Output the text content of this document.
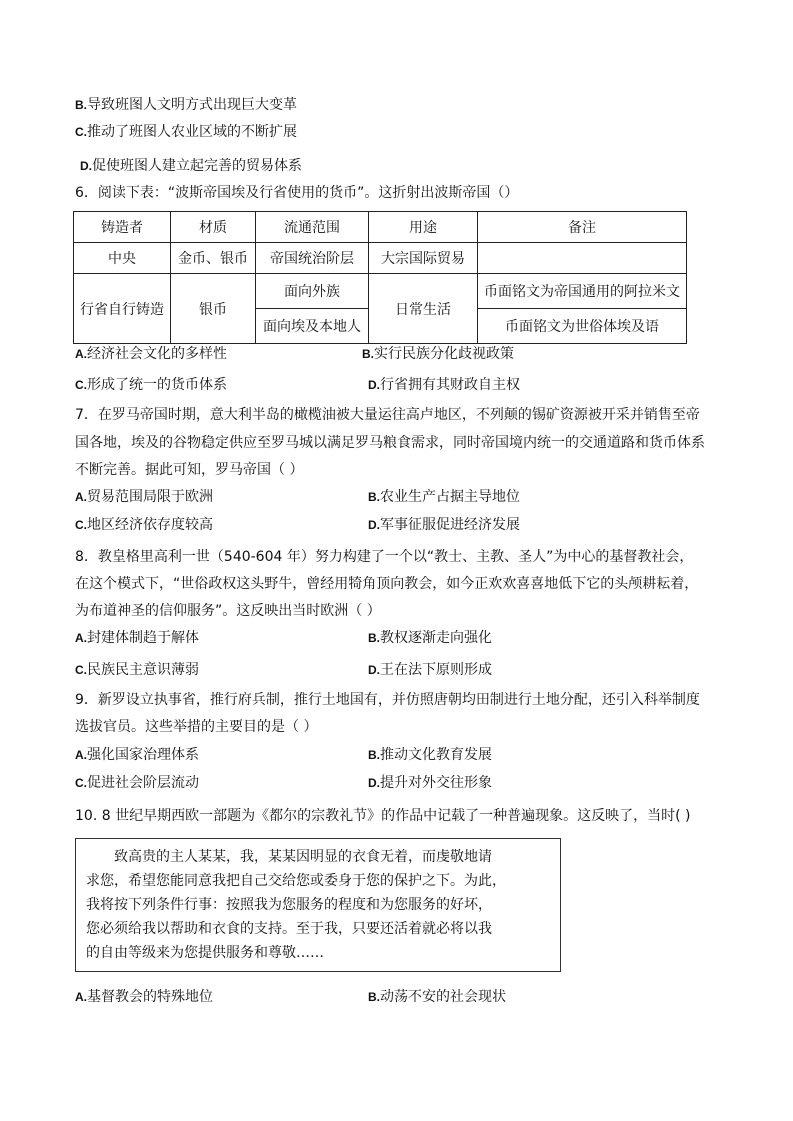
B.导致班图人文明方式出现巨大变革
C.推动了班图人农业区域的不断扩展
D.促使班图人建立起完善的贸易体系
6．阅读下表：“波斯帝国埃及行省使用的货币”。这折射出波斯帝国（）
铸造者	材质	流通范围	用途	备注
中央	金币、银币	帝国统治阶层	大宗国际贸易	
行省自行铸造	银币	面向外族	日常生活	币面铭文为帝国通用的阿拉米文
		面向埃及本地人		币面铭文为世俗体埃及语
A.经济社会文化的多样性	B.实行民族分化歧视政策
C.形成了统一的货币体系	D.行省拥有其财政自主权
7．在罗马帝国时期，意大利半岛的橄榄油被大量运往高卢地区，不列颠的锡矿资源被开采并销售至帝
国各地，埃及的谷物稳定供应至罗马城以满足罗马粮食需求，同时帝国境内统一的交通道路和货币体系
不断完善。据此可知，罗马帝国（ ）
A.贸易范围局限于欧洲	B.农业生产占据主导地位
C.地区经济依存度较高	D.军事征服促进经济发展
8．教皇格里高利一世（540-604 年）努力构建了一个以“教士、主教、圣人”为中心的基督教社会，
在这个模式下，“世俗政权这头野牛，曾经用犄角顶向教会，如今正欢欢喜喜地低下它的头颅耕耘着，
为布道神圣的信仰服务”。这反映出当时欧洲（ ）
A.封建体制趋于解体	B.教权逐渐走向强化
C.民族民主意识薄弱	D.王在法下原则形成
9．新罗设立执事省，推行府兵制，推行土地国有，并仿照唐朝均田制进行土地分配，还引入科举制度
选拔官员。这些举措的主要目的是（ ）
A.强化国家治理体系	B.推动文化教育发展
C.促进社会阶层流动	D.提升对外交往形象
10. 8 世纪早期西欧一部题为《都尔的宗教礼节》的作品中记载了一种普遍现象。这反映了，当时( )

致高贵的主人某某，我，某某因明显的衣食无着，而虔敬地请

求您，希望您能同意我把自己交给您或委身于您的保护之下。为此，

我将按下列条件行事：按照我为您服务的程度和为您服务的好坏，

您必须给我以帮助和衣食的支持。至于我，只要还活着就必将以我

的自由等级来为您提供服务和尊敬……

A.基督教会的特殊地位	B.动荡不安的社会现状
